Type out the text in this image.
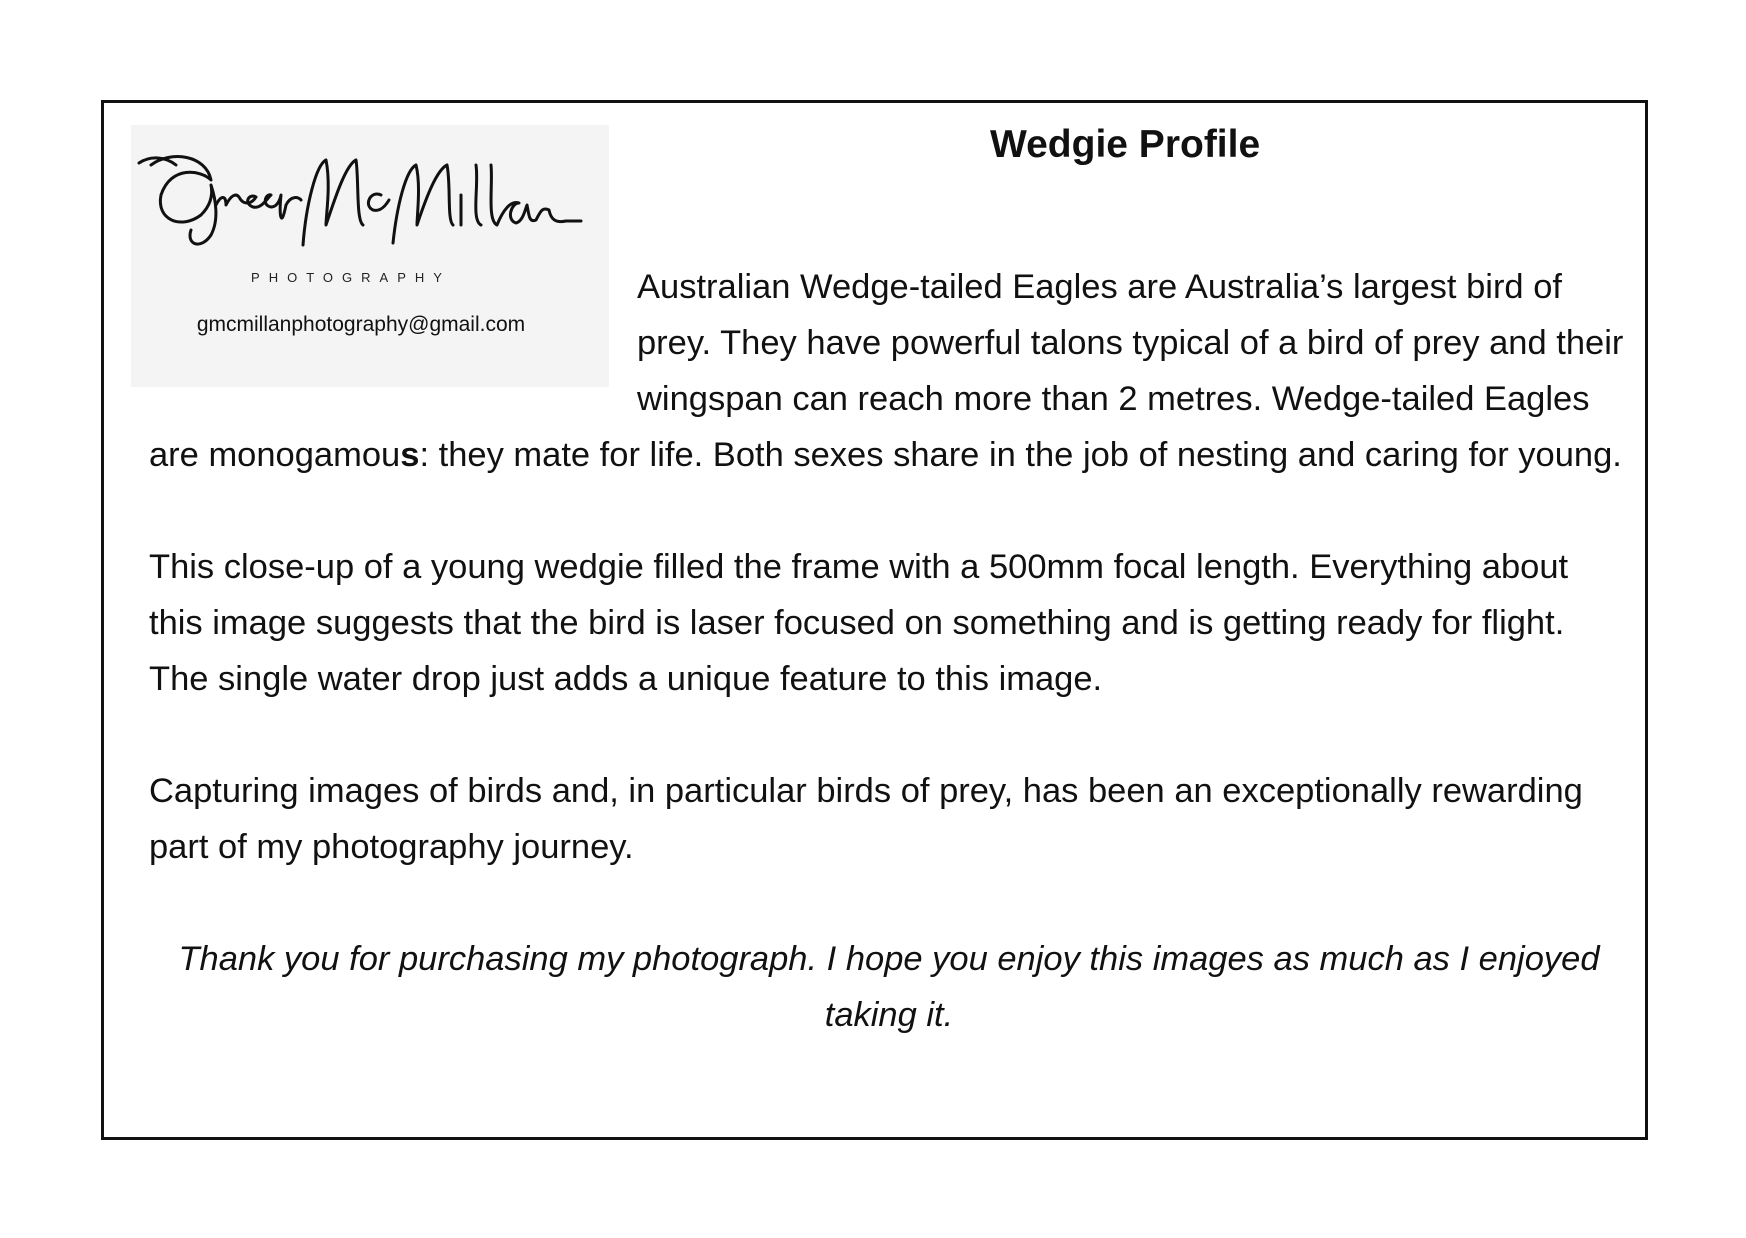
PHOTOGRAPHY
gmcmillanphotography@gmail.com
Wedgie Profile

Australian Wedge-tailed Eagles are Australia’s largest bird of prey. They have powerful talons typical of a bird of prey and their wingspan can reach more than 2 metres. Wedge-tailed Eagles are monogamous: they mate for life. Both sexes share in the job of nesting and caring for young.

This close-up of a young wedgie filled the frame with a 500mm focal length. Everything about this image suggests that the bird is laser focused on something and is getting ready for flight. The single water drop just adds a unique feature to this image.

Capturing images of birds and, in particular birds of prey, has been an exceptionally rewarding part of my photography journey.

Thank you for purchasing my photograph. I hope you enjoy this images as much as I enjoyed taking it.
